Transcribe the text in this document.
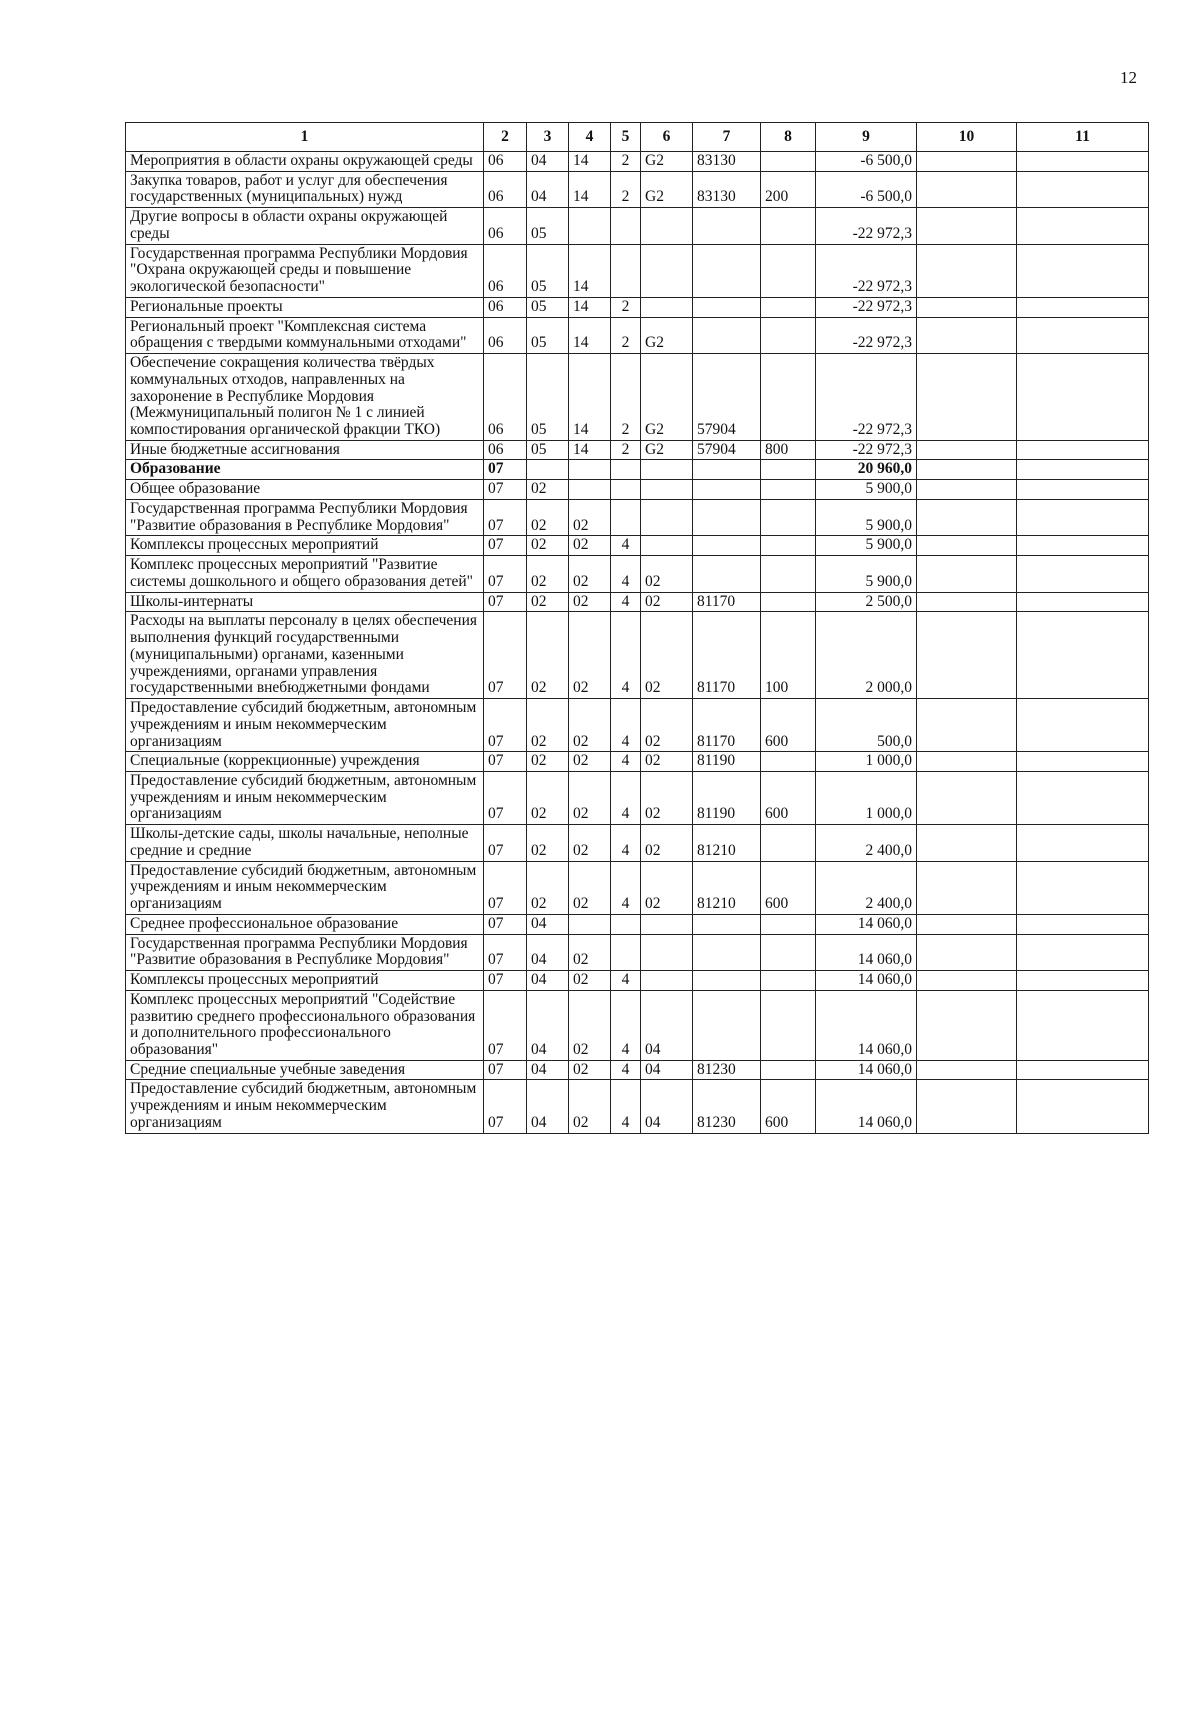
12
1	2	3	4	5	6	7	8	9	10	11
Мероприятия в области охраны окружающей среды	06	04	14	2	G2	83130		-6 500,0		
Закупка товаров, работ и услуг для обеспечения государственных (муниципальных) нужд	06	04	14	2	G2	83130	200	-6 500,0		
Другие вопросы в области охраны окружающей среды	06	05						-22 972,3		
Государственная программа Республики Мордовия "Охрана окружающей среды и повышение экологической безопасности"	06	05	14					-22 972,3		
Региональные проекты	06	05	14	2				-22 972,3		
Региональный проект "Комплексная система обращения с твердыми коммунальными отходами"	06	05	14	2	G2			-22 972,3		
Обеспечение сокращения количества твёрдых коммунальных отходов, направленных на захоронение в Республике Мордовия (Межмуниципальный полигон № 1 с линией компостирования органической фракции ТКО)	06	05	14	2	G2	57904		-22 972,3		
Иные бюджетные ассигнования	06	05	14	2	G2	57904	800	-22 972,3		
Образование	07							20 960,0		
Общее образование	07	02						5 900,0		
Государственная программа Республики Мордовия "Развитие образования в Республике Мордовия"	07	02	02					5 900,0		
Комплексы процессных мероприятий	07	02	02	4				5 900,0		
Комплекс процессных мероприятий "Развитие системы дошкольного и общего образования детей"	07	02	02	4	02			5 900,0		
Школы-интернаты	07	02	02	4	02	81170		2 500,0		
Расходы на выплаты персоналу в целях обеспечения выполнения функций государственными (муниципальными) органами, казенными учреждениями, органами управления государственными внебюджетными фондами	07	02	02	4	02	81170	100	2 000,0		
Предоставление субсидий бюджетным, автономным учреждениям и иным некоммерческим организациям	07	02	02	4	02	81170	600	500,0		
Специальные (коррекционные) учреждения	07	02	02	4	02	81190		1 000,0		
Предоставление субсидий бюджетным, автономным учреждениям и иным некоммерческим организациям	07	02	02	4	02	81190	600	1 000,0		
Школы-детские сады, школы начальные, неполные средние и средние	07	02	02	4	02	81210		2 400,0		
Предоставление субсидий бюджетным, автономным учреждениям и иным некоммерческим организациям	07	02	02	4	02	81210	600	2 400,0		
Среднее профессиональное образование	07	04						14 060,0		
Государственная программа Республики Мордовия "Развитие образования в Республике Мордовия"	07	04	02					14 060,0		
Комплексы процессных мероприятий	07	04	02	4				14 060,0		
Комплекс процессных мероприятий "Содействие развитию среднего профессионального образования и дополнительного профессионального образования"	07	04	02	4	04			14 060,0		
Средние специальные учебные заведения	07	04	02	4	04	81230		14 060,0		
Предоставление субсидий бюджетным, автономным учреждениям и иным некоммерческим организациям	07	04	02	4	04	81230	600	14 060,0		
